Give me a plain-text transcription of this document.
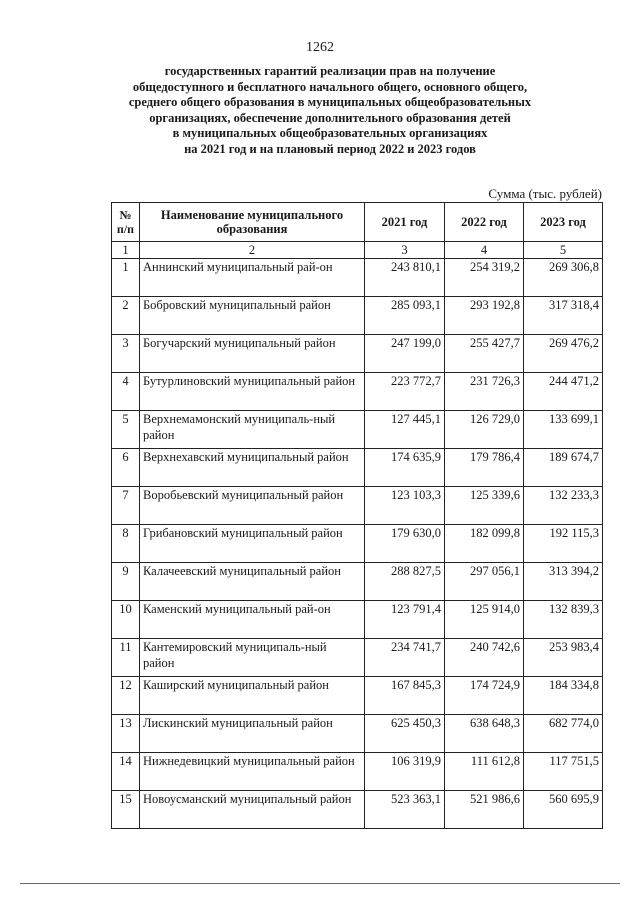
1262
государственных гарантий реализации прав на получение
общедоступного и бесплатного начального общего, основного общего,
среднего общего образования в муниципальных общеобразовательных
организациях, обеспечение дополнительного образования детей
в муниципальных общеобразовательных организациях
на 2021 год и на плановый период 2022 и 2023 годов
Сумма (тыс. рублей)
№ п/п	Наименование муниципального образования	2021 год	2022 год	2023 год
1	2	3	4	5
1	Аннинский муниципальный рай-он	243 810,1	254 319,2	269 306,8
2	Бобровский муниципальный район	285 093,1	293 192,8	317 318,4
3	Богучарский муниципальный район	247 199,0	255 427,7	269 476,2
4	Бутурлиновский муниципальный район	223 772,7	231 726,3	244 471,2
5	Верхнемамонский муниципаль-ный район	127 445,1	126 729,0	133 699,1
6	Верхнехавский муниципальный район	174 635,9	179 786,4	189 674,7
7	Воробьевский муниципальный район	123 103,3	125 339,6	132 233,3
8	Грибановский муниципальный район	179 630,0	182 099,8	192 115,3
9	Калачеевский муниципальный район	288 827,5	297 056,1	313 394,2
10	Каменский муниципальный рай-он	123 791,4	125 914,0	132 839,3
11	Кантемировский муниципаль-ный район	234 741,7	240 742,6	253 983,4
12	Каширский муниципальный район	167 845,3	174 724,9	184 334,8
13	Лискинский муниципальный район	625 450,3	638 648,3	682 774,0
14	Нижнедевицкий муниципальный район	106 319,9	111 612,8	117 751,5
15	Новоусманский муниципальный район	523 363,1	521 986,6	560 695,9
